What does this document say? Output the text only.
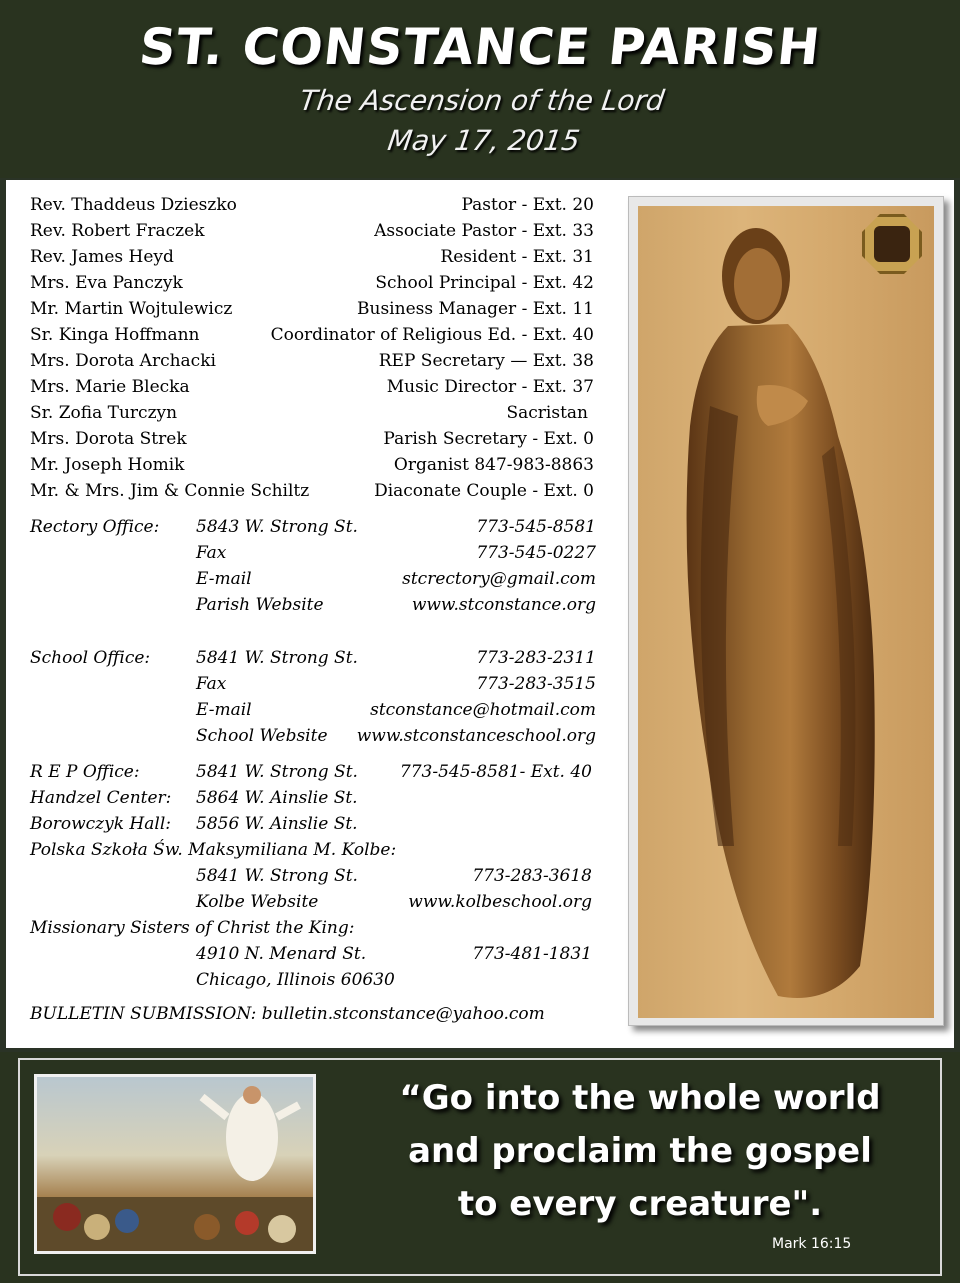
ST. CONSTANCE PARISH
The Ascension of the Lord
May 17, 2015
Rev. Thaddeus Dzieszko	Pastor - Ext. 20
Rev. Robert Fraczek	Associate Pastor - Ext. 33
Rev. James Heyd	Resident - Ext. 31
Mrs. Eva Panczyk	School Principal - Ext. 42
Mr. Martin Wojtulewicz	Business Manager - Ext. 11
Sr. Kinga Hoffmann	Coordinator of Religious Ed. - Ext. 40
Mrs. Dorota Archacki	REP Secretary — Ext. 38
Mrs. Marie Blecka	Music Director - Ext. 37
Sr. Zofia Turczyn	Sacristan
Mrs. Dorota Strek	Parish Secretary - Ext. 0
Mr. Joseph Homik	Organist 847-983-8863
Mr. & Mrs. Jim & Connie Schiltz	Diaconate Couple - Ext. 0
Rectory Office: 5843 W. Strong St.	773-545-8581
Fax	773-545-0227
E-mail	stcrectory@gmail.com
Parish Website	www.stconstance.org
School Office:	5841 W. Strong St.	773-283-2311
Fax	773-283-3515
E-mail	stconstance@hotmail.com
School Website www.stconstanceschool.org
R E P Office:	5841 W. Strong St. 773-545-8581- Ext. 40
Handzel Center: 5864 W. Ainslie St.
Borowczyk Hall: 5856 W. Ainslie St.
Polska Szkoła Św. Maksymiliana M. Kolbe:
5841 W. Strong St.	773-283-3618
Kolbe Website	www.kolbeschool.org
Missionary Sisters of Christ the King:
4910 N. Menard St.	773-481-1831
Chicago, Illinois 60630
BULLETIN SUBMISSION: bulletin.stconstance@yahoo.com
“Go into the whole world
and proclaim the gospel
to every creature".
Mark 16:15
